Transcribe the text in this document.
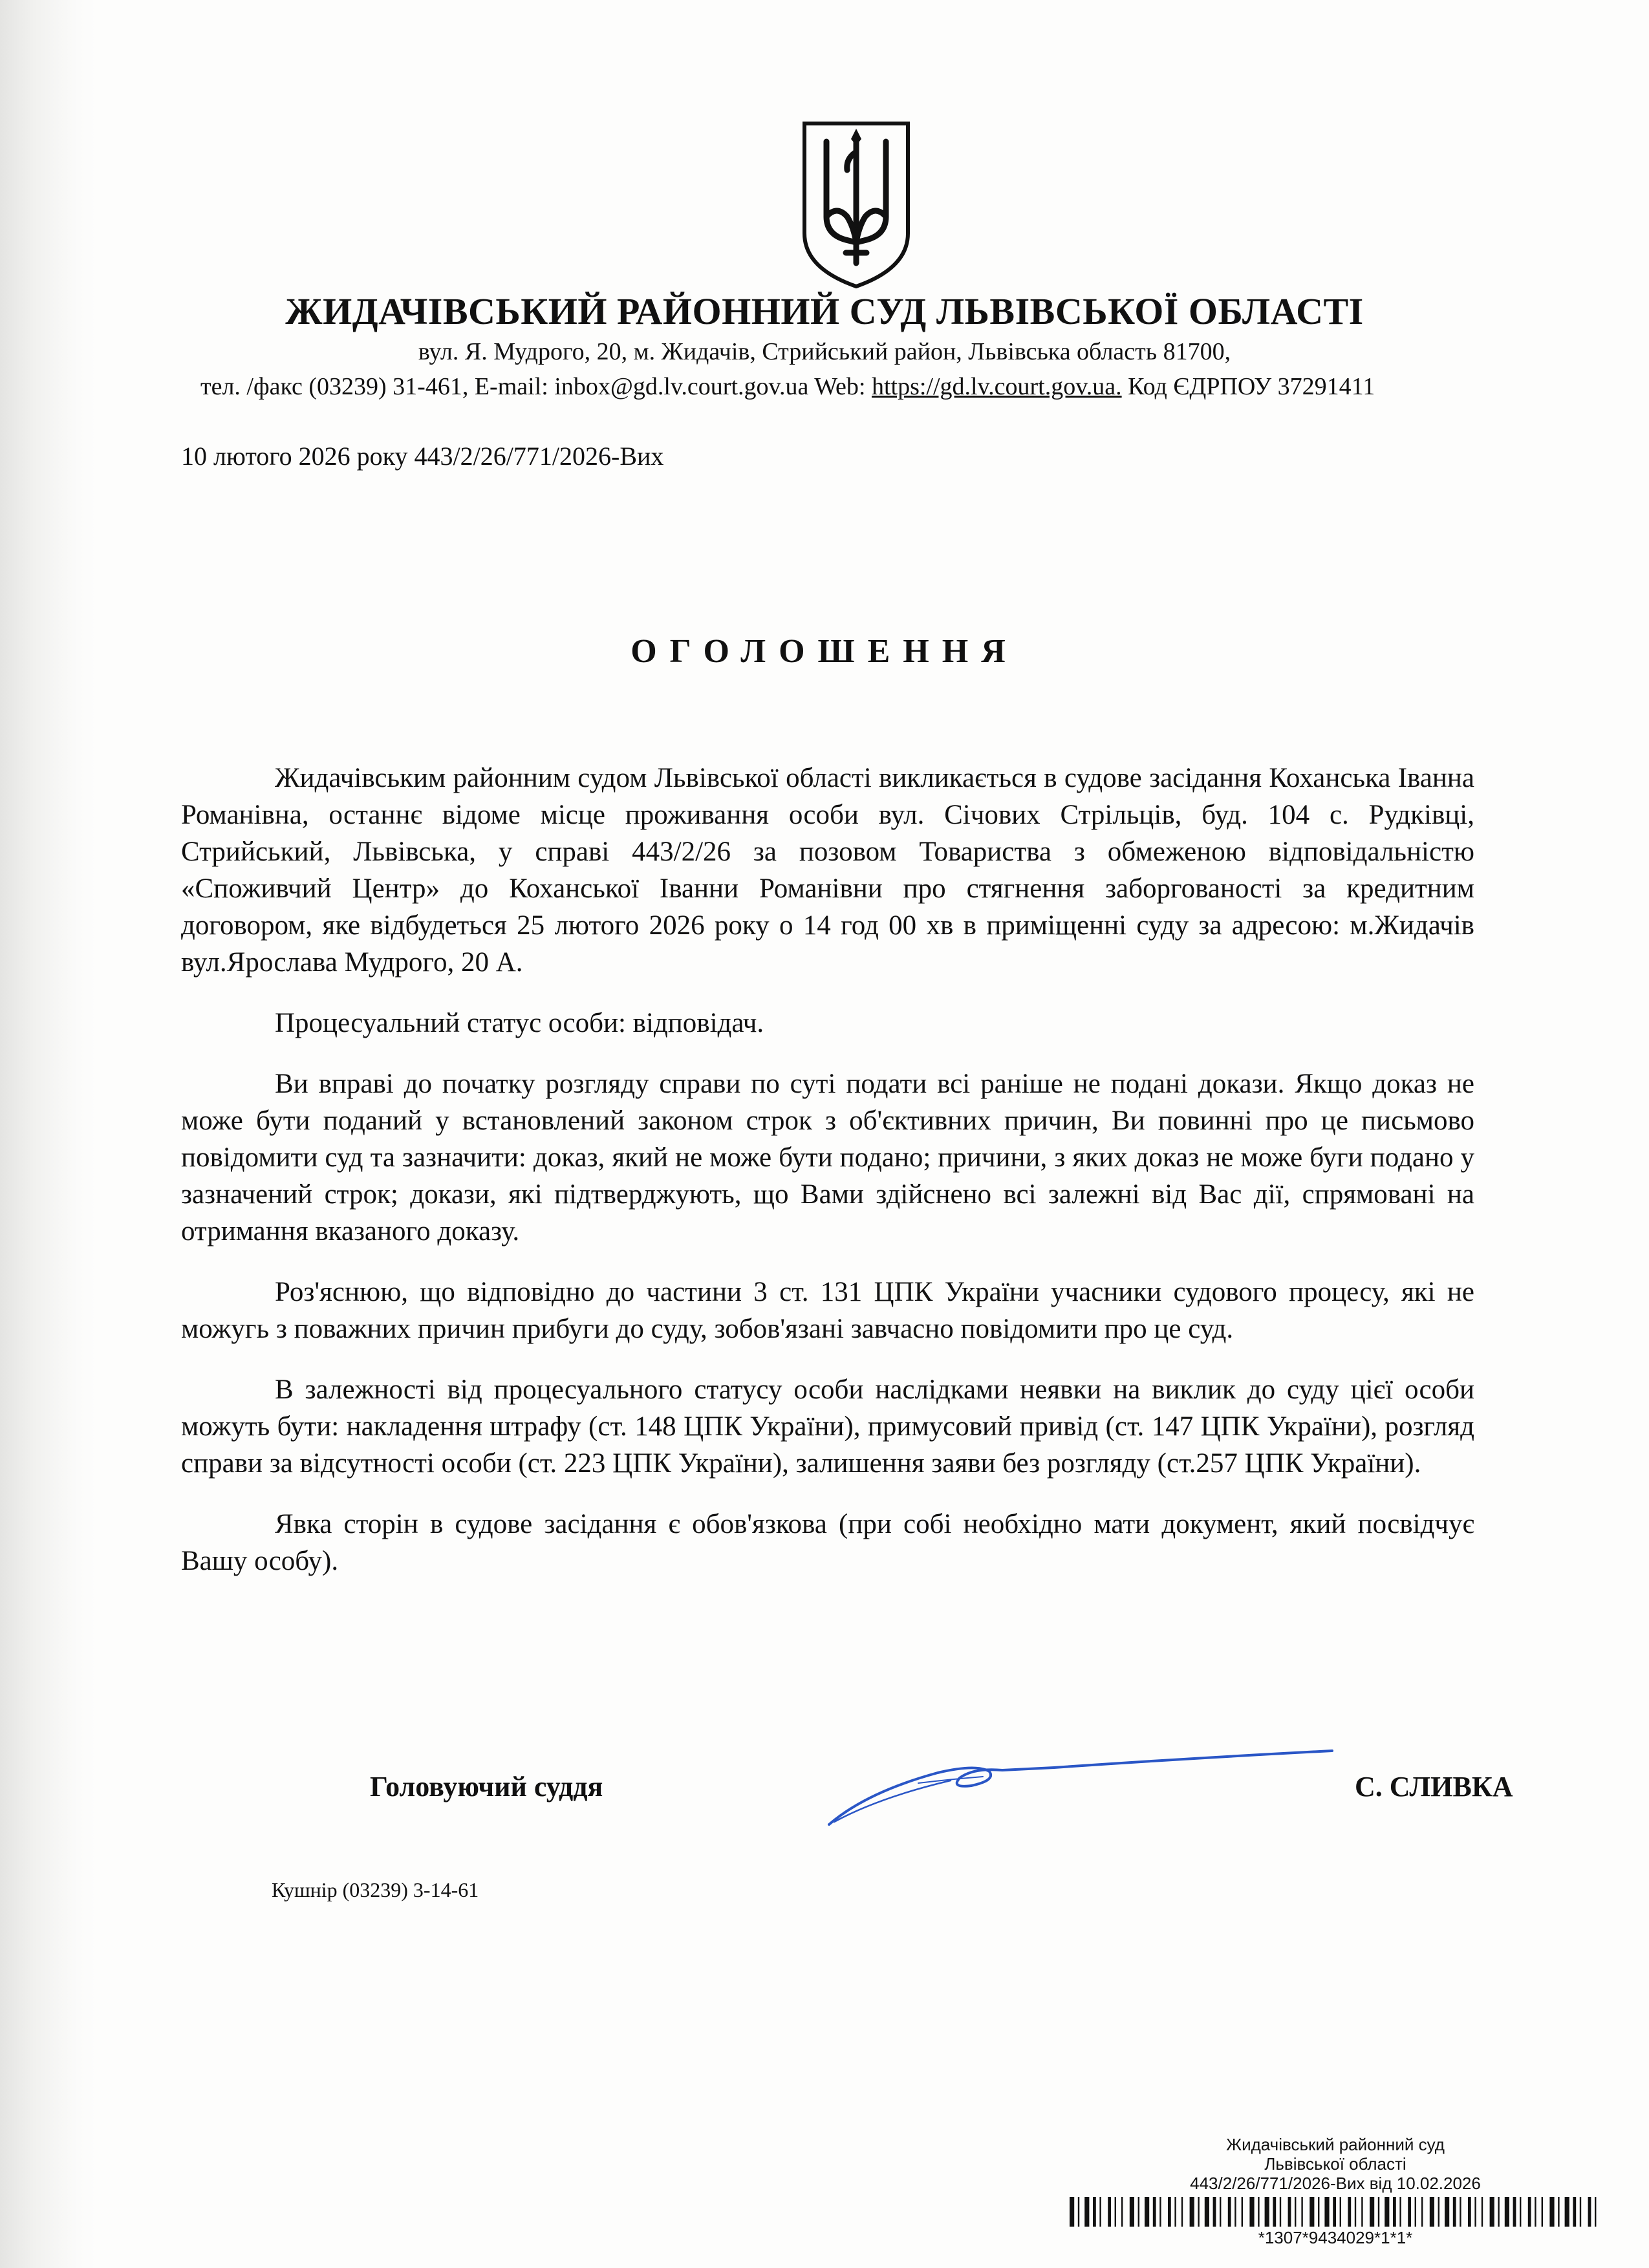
ЖИДАЧІВСЬКИЙ РАЙОННИЙ СУД ЛЬВІВСЬКОЇ ОБЛАСТІ
вул. Я. Мудрого, 20, м. Жидачів, Стрийський район, Львівська область 81700,
тел. /факс (03239) 31-461, E-mail: inbox@gd.lv.court.gov.ua Web: https://gd.lv.court.gov.ua. Код ЄДРПОУ 37291411
10 лютого 2026 року 443/2/26/771/2026-Вих
ОГОЛОШЕННЯ

Жидачівським районним судом Львівської області викликається в судове засідання Коханська Іванна Романівна, останнє відоме місце проживання особи вул. Січових Стрільців, буд. 104 с. Рудківці, Стрийський, Львівська, у справі 443/2/26 за позовом Товариства з обмеженою відповідальністю «Споживчий Центр» до Коханської Іванни Романівни про стягнення заборгованості за кредитним договором, яке відбудеться 25 лютого 2026 року о 14 год 00 хв в приміщенні суду за адресою: м.Жидачів вул.Ярослава Мудрого, 20 А.

Процесуальний статус особи: відповідач.

Ви вправі до початку розгляду справи по суті подати всі раніше не подані докази. Якщо доказ не може бути поданий у встановлений законом строк з об'єктивних причин, Ви повинні про це письмово повідомити суд та зазначити: доказ, який не може бути подано; причини, з яких доказ не може буги подано у зазначений строк; докази, які підтверджують, що Вами здійснено всі залежні від Вас дії, спрямовані на отримання вказаного доказу.

Роз'яснюю, що відповідно до частини 3 ст. 131 ЦПК України учасники судового процесу, які не можугь з поважних причин прибуги до суду, зобов'язані завчасно повідомити про це суд.

В залежності від процесуального статусу особи наслідками неявки на виклик до суду цієї особи можуть бути: накладення штрафу (ст. 148 ЦПК України), примусовий привід (ст. 147 ЦПК України), розгляд справи за відсутності особи (ст. 223 ЦПК України), залишення заяви без розгляду (ст.257 ЦПК України).

Явка сторін в судове засідання є обов'язкова (при собі необхідно мати документ, який посвідчує Вашу особу).

Головуючий суддя	С. СЛИВКА
Кушнір (03239) 3-14-61
Жидачівський районний суд
Львівської області
443/2/26/771/2026-Вих від 10.02.2026
*1307*9434029*1*1*
